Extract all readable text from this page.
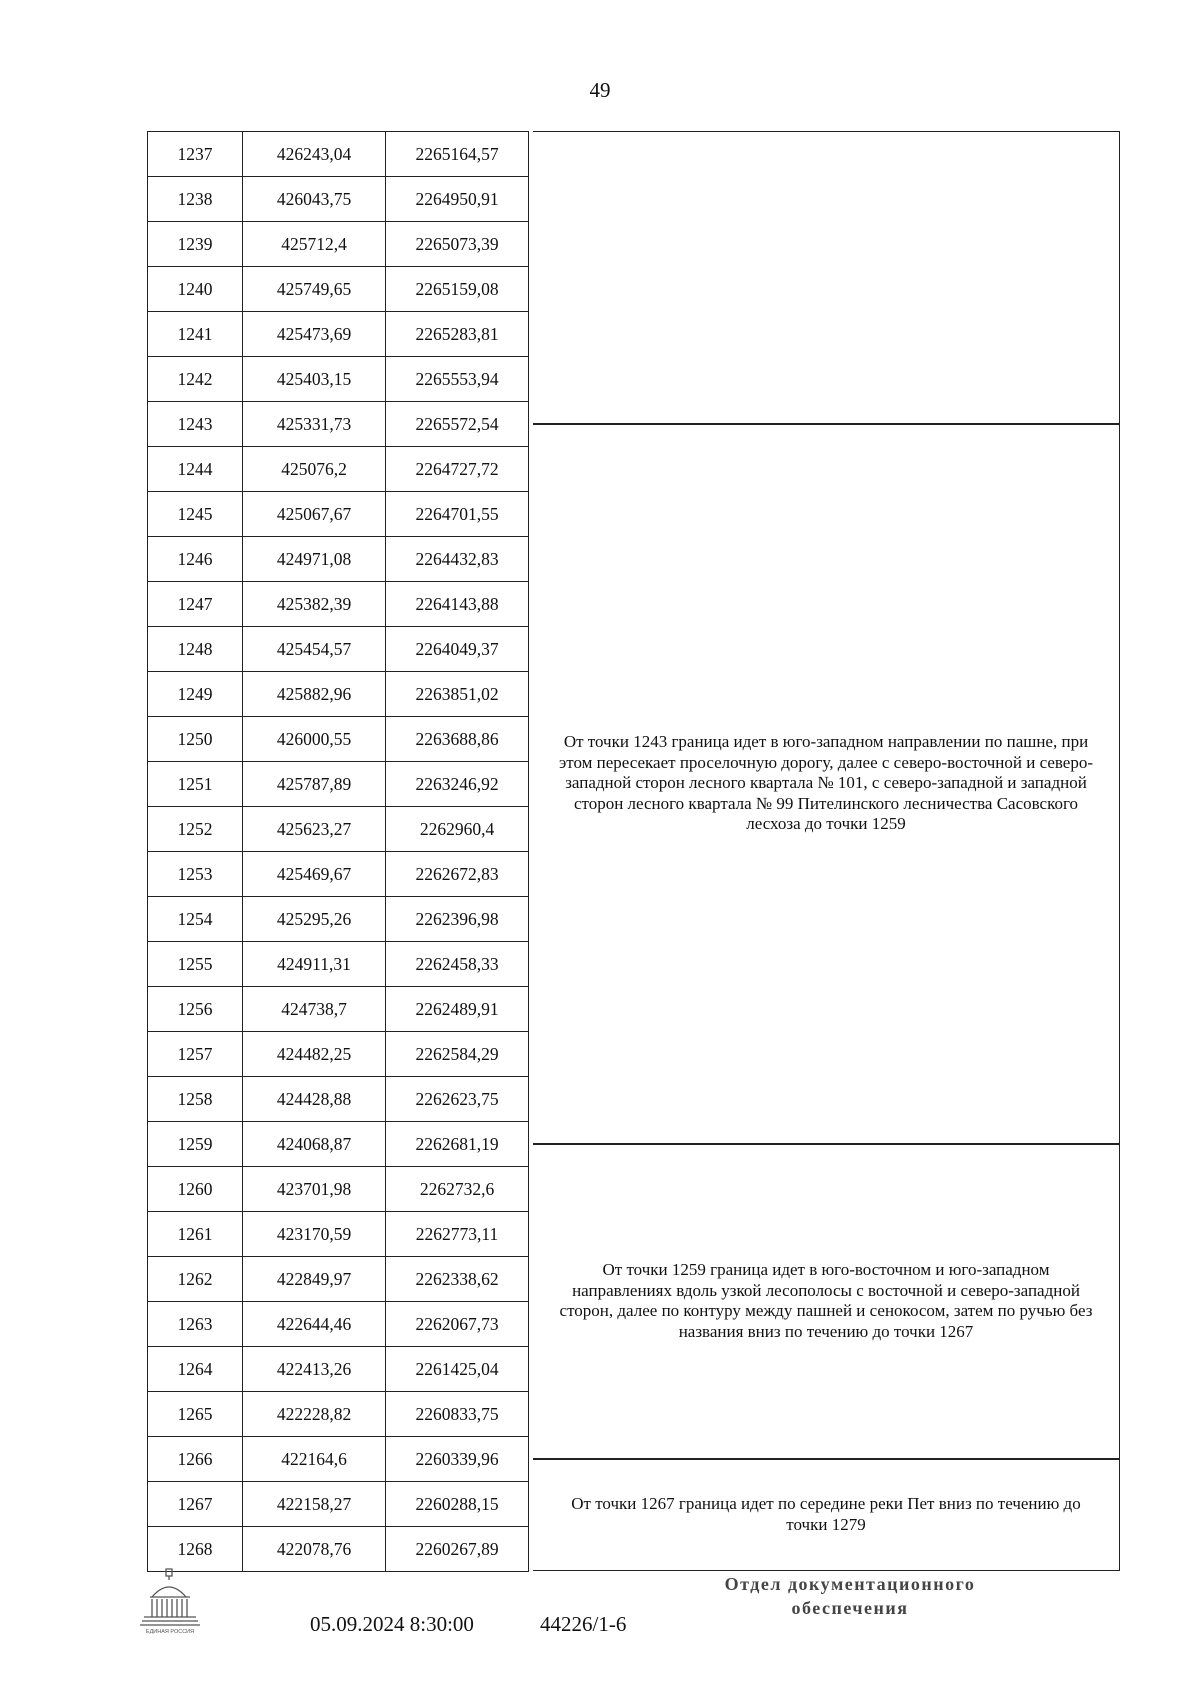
49
1237	426243,04	2265164,57
1238	426043,75	2264950,91
1239	425712,4	2265073,39
1240	425749,65	2265159,08
1241	425473,69	2265283,81
1242	425403,15	2265553,94
1243	425331,73	2265572,54
1244	425076,2	2264727,72
1245	425067,67	2264701,55
1246	424971,08	2264432,83
1247	425382,39	2264143,88
1248	425454,57	2264049,37
1249	425882,96	2263851,02
1250	426000,55	2263688,86
1251	425787,89	2263246,92
1252	425623,27	2262960,4
1253	425469,67	2262672,83
1254	425295,26	2262396,98
1255	424911,31	2262458,33
1256	424738,7	2262489,91
1257	424482,25	2262584,29
1258	424428,88	2262623,75
1259	424068,87	2262681,19
1260	423701,98	2262732,6
1261	423170,59	2262773,11
1262	422849,97	2262338,62
1263	422644,46	2262067,73
1264	422413,26	2261425,04
1265	422228,82	2260833,75
1266	422164,6	2260339,96
1267	422158,27	2260288,15
1268	422078,76	2260267,89
От точки 1243 граница идет в юго-западном направлении по пашне, при этом пересекает проселочную дорогу, далее с северо-восточной и северо-западной сторон лесного квартала № 101, с северо-западной и западной сторон лесного квартала № 99 Пителинского лесничества Сасовского лесхоза до точки 1259
От точки 1259 граница идет в юго-восточном и юго-западном направлениях вдоль узкой лесополосы с восточной и северо-западной сторон, далее по контуру между пашней и сенокосом, затем по ручью без названия вниз по течению до точки 1267
От точки 1267 граница идет по середине реки Пет вниз по течению до точки 1279
ЕДИНАЯ РОССИЯ	05.09.2024 8:30:00	44226/1-6
Отдел документационного
обеспечения
